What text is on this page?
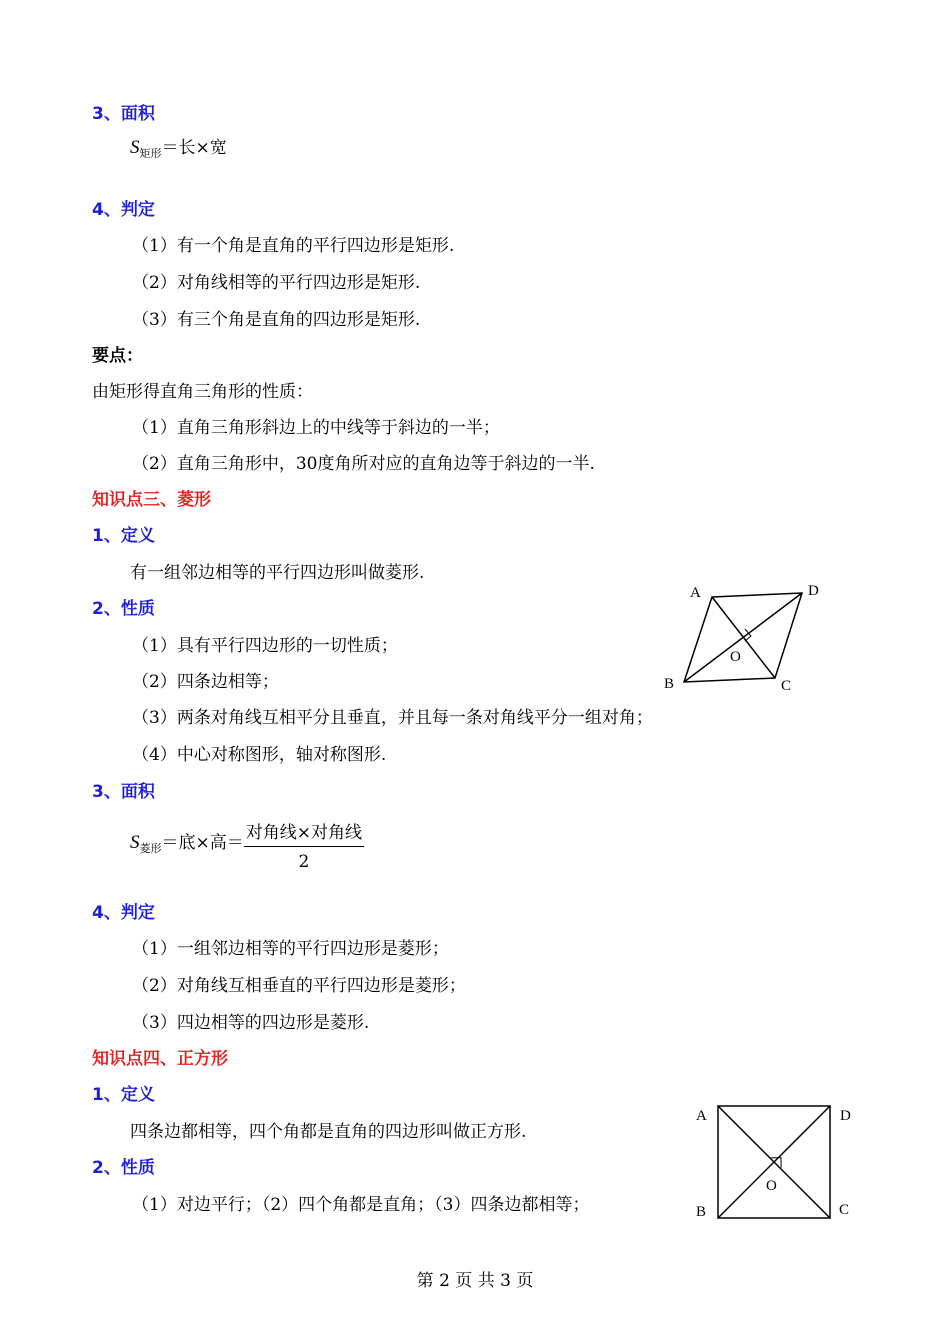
3、面积
$S_{矩形}=$长×宽
4、判定
（1）有一个角是直角的平行四边形是矩形.
（2）对角线相等的平行四边形是矩形.
（3）有三个角是直角的四边形是矩形.
要点：
由矩形得直角三角形的性质：
（1）直角三角形斜边上的中线等于斜边的一半；
（2）直角三角形中，30度角所对应的直角边等于斜边的一半.
知识点三、菱形
1、定义
有一组邻边相等的平行四边形叫做菱形.
2、性质
（1）具有平行四边形的一切性质；
（2）四条边相等；
（3）两条对角线互相平分且垂直，并且每一条对角线平分一组对角；
（4）中心对称图形，轴对称图形.
3、面积
$S_{菱形}=$底×高＝ $\frac{\text{对角线×对角线}}{2}$
4、判定
（1）一组邻边相等的平行四边形是菱形；
（2）对角线互相垂直的平行四边形是菱形；
（3）四边相等的四边形是菱形.
知识点四、正方形
1、定义
四条边都相等，四个角都是直角的四边形叫做正方形.
2、性质
（1）对边平行；（2）四个角都是直角；（3）四条边都相等；
A	D
B	C
O
A	D
B	C
O
第 2 页 共 3 页
